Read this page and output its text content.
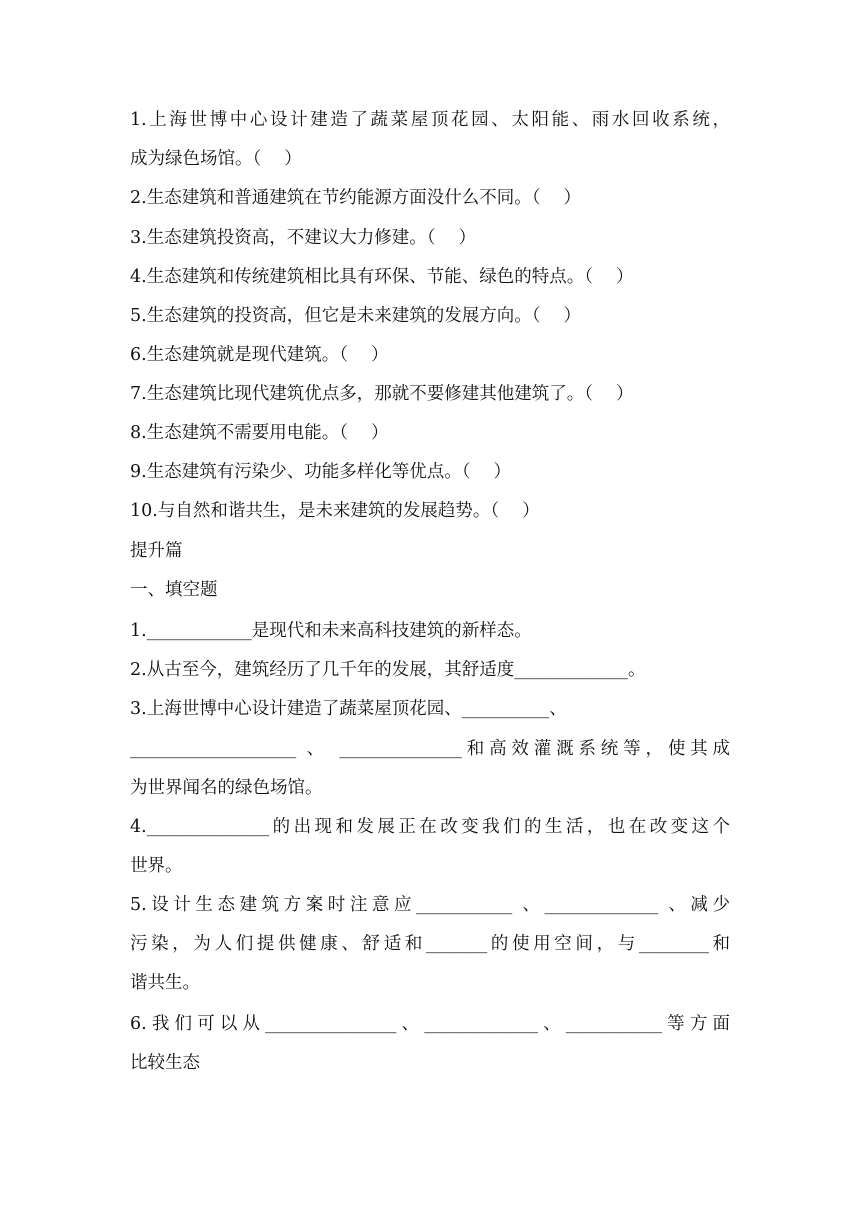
1.上海世博中心设计建造了蔬菜屋顶花园、太阳能、雨水回收系统，
成为绿色场馆。（　 ）
2.生态建筑和普通建筑在节约能源方面没什么不同。（　 ）
3.生态建筑投资高，不建议大力修建。（　 ）
4.生态建筑和传统建筑相比具有环保、节能、绿色的特点。（　 ）
5.生态建筑的投资高，但它是未来建筑的发展方向。（　 ）
6.生态建筑就是现代建筑。（　 ）
7.生态建筑比现代建筑优点多，那就不要修建其他建筑了。（　 ）
8.生态建筑不需要用电能。（　 ）
9.生态建筑有污染少、功能多样化等优点。（　 ）
10.与自然和谐共生，是未来建筑的发展趋势。（　 ）
提升篇
一、填空题
1.____________是现代和未来高科技建筑的新样态。
2.从古至今，建筑经历了几千年的发展，其舒适度_____________。
3.上海世博中心设计建造了蔬菜屋顶花园、__________、
___________________ 、 ______________和高效灌溉系统等，使其成
为世界闻名的绿色场馆。
4.______________的出现和发展正在改变我们的生活，也在改变这个
世界。
5.设计生态建筑方案时注意应___________ 、_____________ 、减少
污染，为人们提供健康、舒适和_______的使用空间，与________和
谐共生。
6.我们可以从_______________、_____________、___________等方面
比较生态
